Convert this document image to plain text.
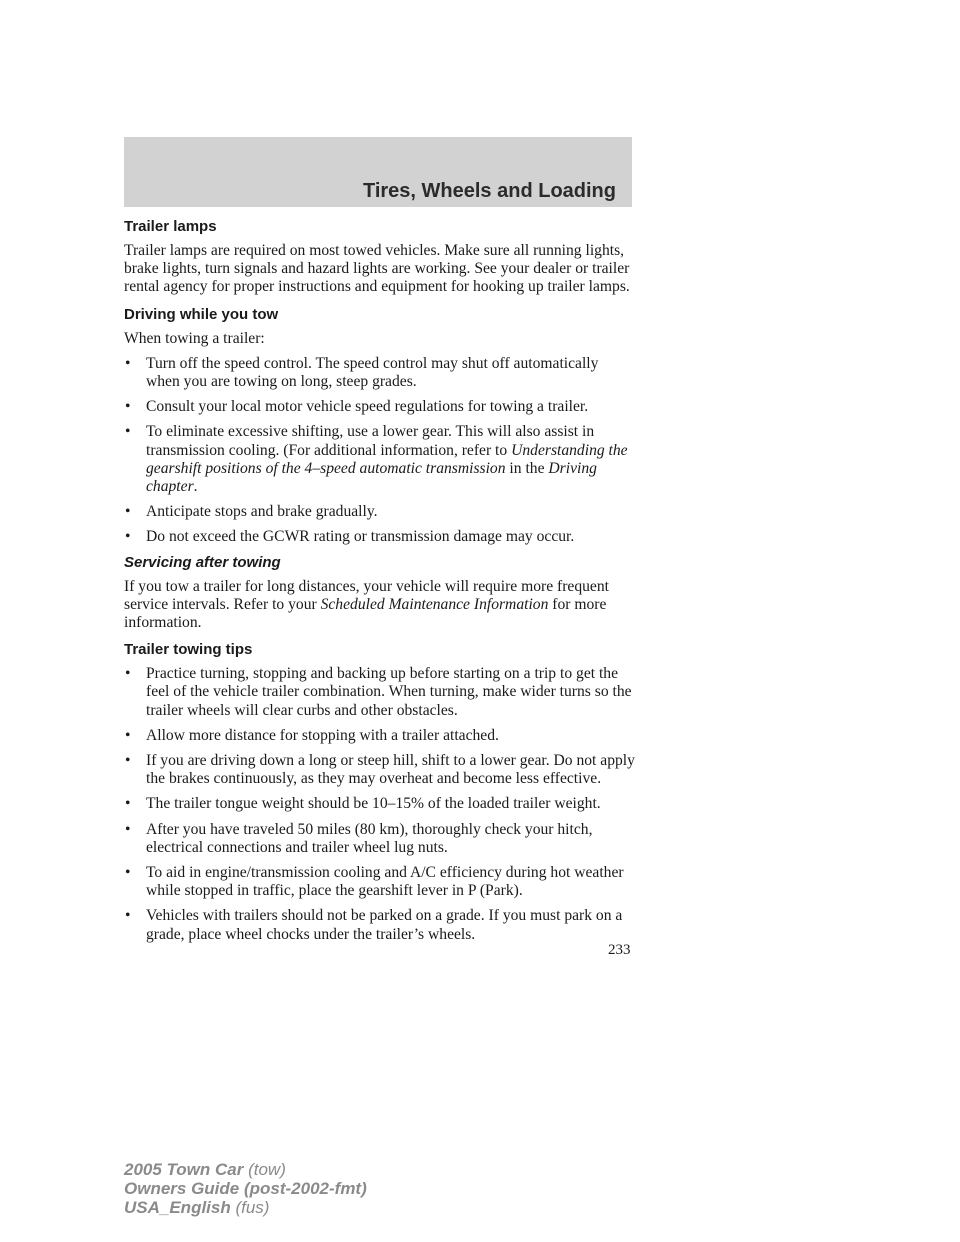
Tires, Wheels and Loading
Trailer lamps

Trailer lamps are required on most towed vehicles. Make sure all running lights, brake lights, turn signals and hazard lights are working. See your dealer or trailer rental agency for proper instructions and equipment for hooking up trailer lamps.

Driving while you tow

When towing a trailer:

• Turn off the speed control. The speed control may shut off automatically when you are towing on long, steep grades.
• Consult your local motor vehicle speed regulations for towing a trailer.
• To eliminate excessive shifting, use a lower gear. This will also assist in transmission cooling. (For additional information, refer to Understanding the gearshift positions of the 4–speed automatic transmission in the Driving chapter.
• Anticipate stops and brake gradually.
• Do not exceed the GCWR rating or transmission damage may occur.
Servicing after towing

If you tow a trailer for long distances, your vehicle will require more frequent service intervals. Refer to your Scheduled Maintenance Information for more information.

Trailer towing tips
• Practice turning, stopping and backing up before starting on a trip to get the feel of the vehicle trailer combination. When turning, make wider turns so the trailer wheels will clear curbs and other obstacles.
• Allow more distance for stopping with a trailer attached.
• If you are driving down a long or steep hill, shift to a lower gear. Do not apply the brakes continuously, as they may overheat and become less effective.
• The trailer tongue weight should be 10–15% of the loaded trailer weight.
• After you have traveled 50 miles (80 km), thoroughly check your hitch, electrical connections and trailer wheel lug nuts.
• To aid in engine/transmission cooling and A/C efficiency during hot weather while stopped in traffic, place the gearshift lever in P (Park).
• Vehicles with trailers should not be parked on a grade. If you must park on a grade, place wheel chocks under the trailer’s wheels.
233
2005 Town Car (tow)
Owners Guide (post-2002-fmt)
USA_English (fus)
